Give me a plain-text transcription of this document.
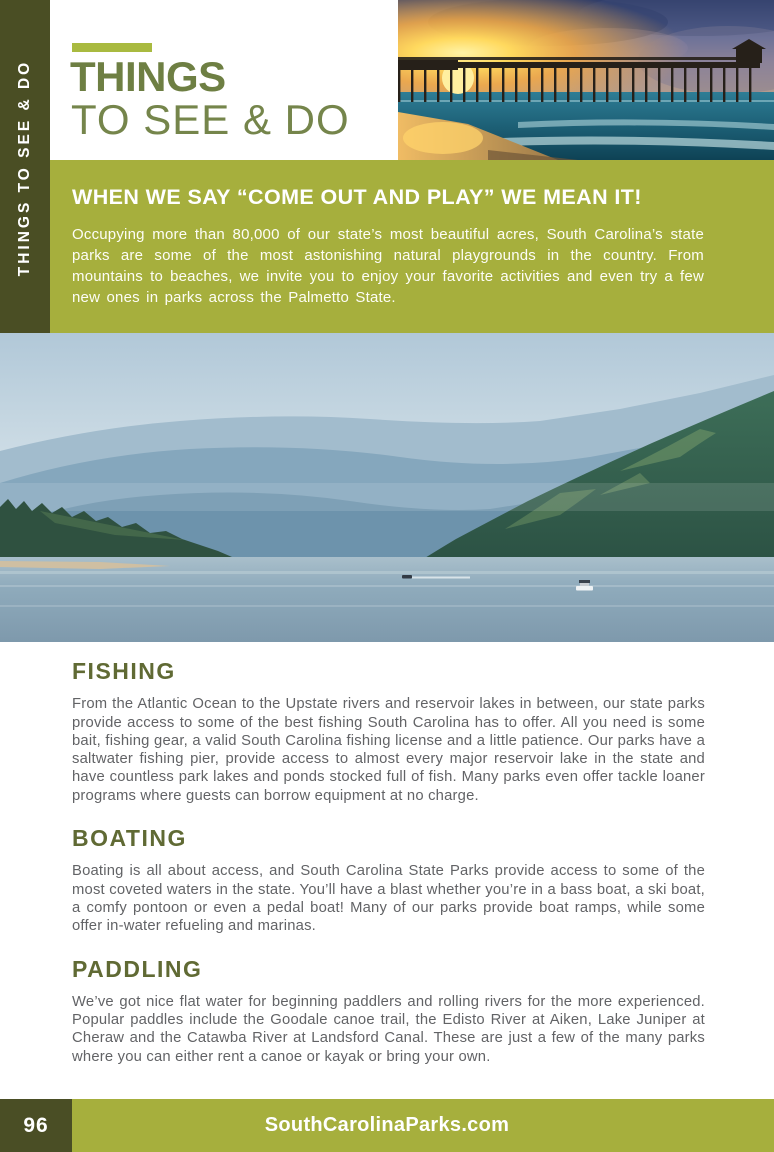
THINGS TO SEE & DO THINGS
TO SEE & DO
WHEN WE SAY “COME OUT AND PLAY” WE MEAN IT!

Occupying more than 80,000 of our state’s most beautiful acres, South Carolina’s state parks are some of the most astonishing natural playgrounds in the country. From mountains to beaches, we invite you to enjoy your favorite activities and even try a few new ones in parks across the Palmetto State.

FISHING

From the Atlantic Ocean to the Upstate rivers and reservoir lakes in between, our state parks provide access to some of the best fishing South Carolina has to offer. All you need is some bait, fishing gear, a valid South Carolina fishing license and a little patience. Our parks have a saltwater fishing pier, provide access to almost every major reservoir lake in the state and have countless park lakes and ponds stocked full of fish. Many parks even offer tackle loaner programs where guests can borrow equipment at no charge.

BOATING

Boating is all about access, and South Carolina State Parks provide access to some of the most coveted waters in the state. You’ll have a blast whether you’re in a bass boat, a ski boat, a comfy pontoon or even a pedal boat! Many of our parks provide boat ramps, while some offer in-water refueling and marinas.

PADDLING

We’ve got nice flat water for beginning paddlers and rolling rivers for the more experienced. Popular paddles include the Goodale canoe trail, the Edisto River at Aiken, Lake Juniper at Cheraw and the Catawba River at Landsford Canal. These are just a few of the many parks where you can either rent a canoe or kayak or bring your own.

SouthCarolinaParks.com
96
